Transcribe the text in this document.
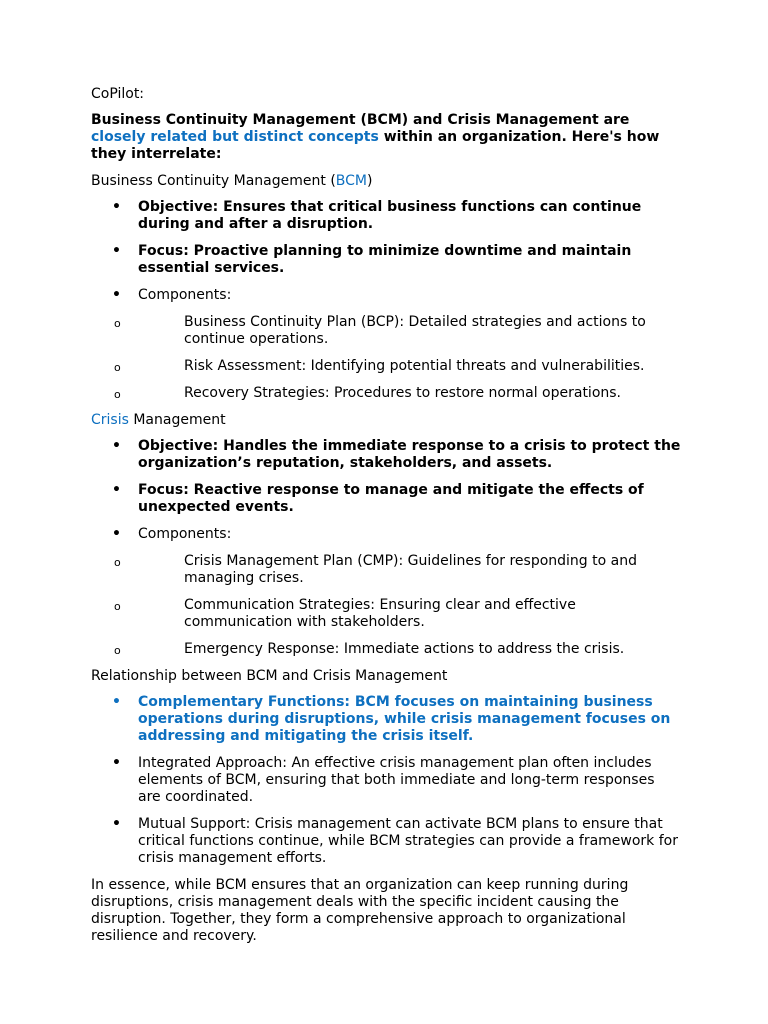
CoPilot:

Business Continuity Management (BCM) and Crisis Management are closely related but distinct concepts within an organization. Here's how they interrelate:

Business Continuity Management (BCM)

• Objective: Ensures that critical business functions can continue during and after a disruption.
• Focus: Proactive planning to minimize downtime and maintain essential services.
• Components:
o Business Continuity Plan (BCP): Detailed strategies and actions to continue operations.
o Risk Assessment: Identifying potential threats and vulnerabilities.
o Recovery Strategies: Procedures to restore normal operations.

Crisis Management

• Objective: Handles the immediate response to a crisis to protect the organization’s reputation, stakeholders, and assets.
• Focus: Reactive response to manage and mitigate the effects of unexpected events.
• Components:
o Crisis Management Plan (CMP): Guidelines for responding to and managing crises.
o Communication Strategies: Ensuring clear and effective communication with stakeholders.
o Emergency Response: Immediate actions to address the crisis.

Relationship between BCM and Crisis Management

• Complementary Functions: BCM focuses on maintaining business operations during disruptions, while crisis management focuses on addressing and mitigating the crisis itself.
• Integrated Approach: An effective crisis management plan often includes elements of BCM, ensuring that both immediate and long-term responses are coordinated.
• Mutual Support: Crisis management can activate BCM plans to ensure that critical functions continue, while BCM strategies can provide a framework for crisis management efforts.

In essence, while BCM ensures that an organization can keep running during disruptions, crisis management deals with the specific incident causing the disruption. Together, they form a comprehensive approach to organizational resilience and recovery.
